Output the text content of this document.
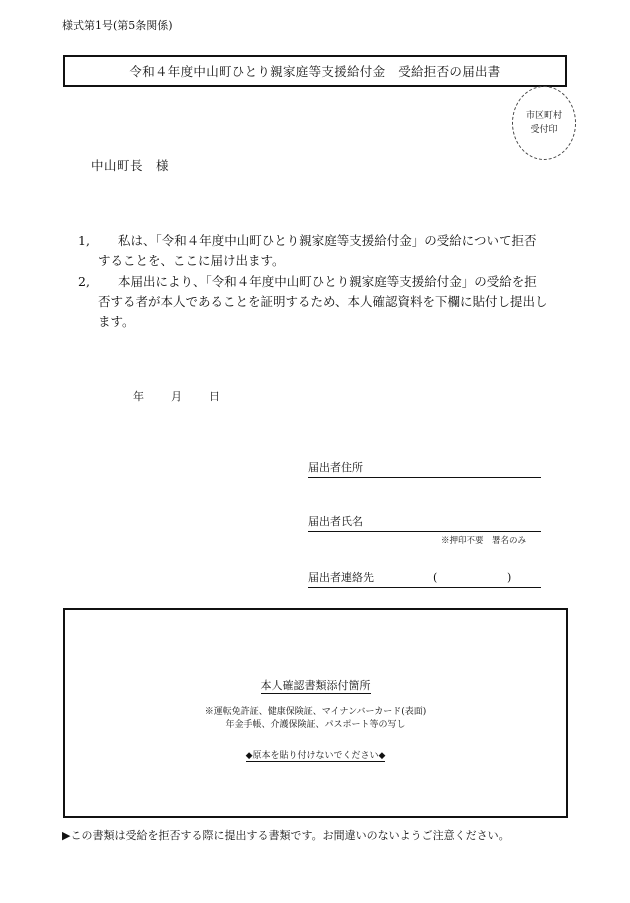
様式第1号(第5条関係)
令和４年度中山町ひとり親家庭等支援給付金　受給拒否の届出書
市区町村
受付印
中山町長　様
1,	私は、「令和４年度中山町ひとり親家庭等支援給付金」の受給について拒否することを、ここに届け出ます。
2,	本届出により、「令和４年度中山町ひとり親家庭等支援給付金」の受給を拒否する者が本人であることを証明するため、本人確認資料を下欄に貼付し提出します。
年	月	日
届出者住所
届出者氏名
※押印不要　署名のみ
届出者連絡先	(	)
本人確認書類添付箇所
※運転免許証、健康保険証、マイナンバーカード(表面)
年金手帳、介護保険証、パスポート等の写し
◆原本を貼り付けないでください◆
▶この書類は受給を拒否する際に提出する書類です。お間違いのないようご注意ください。
